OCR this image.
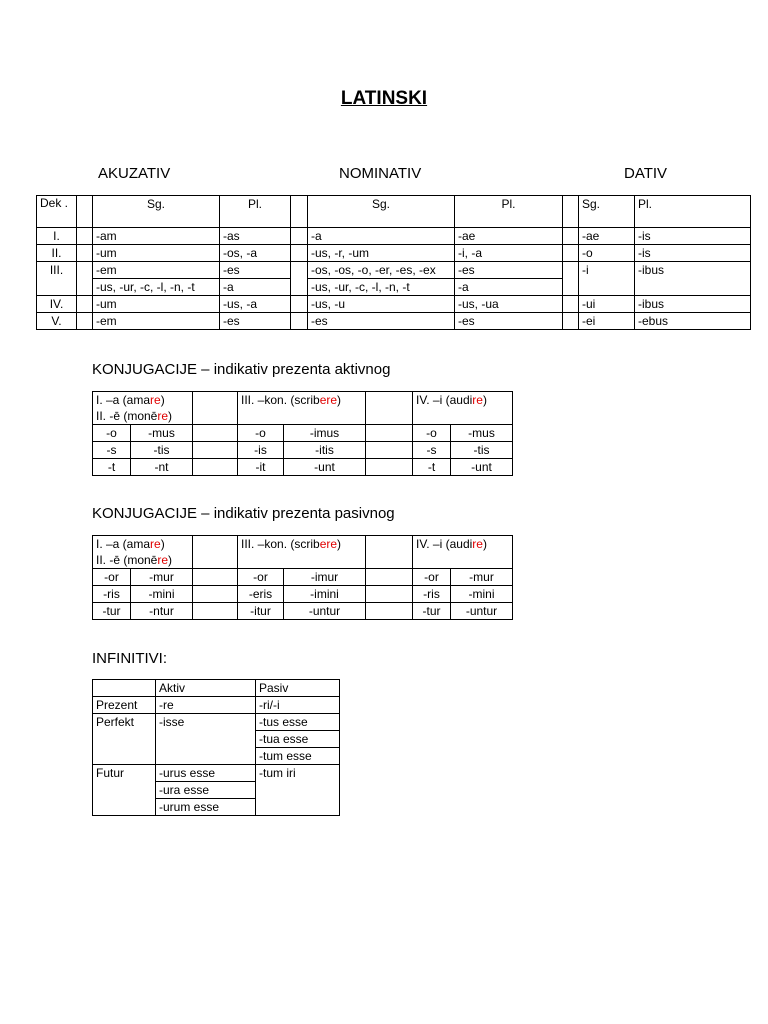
LATINSKI
AKUZATIV	NOMINATIV	DATIV
Dek .		Sg.	Pl.		Sg.	Pl.		Sg.	Pl.
I.		-am	-as		-a	-ae		-ae	-is
II.		-um	-os, -a		-us, -r, -um	-i, -a		-o	-is
III.		-em	-es		-os, -os, -o, -er, -es, -ex	-es		-i	-ibus
		-us, -ur, -c, -l, -n, -t	-a		-us, -ur, -c, -l, -n, -t	-a			
IV.		-um	-us, -a		-us, -u	-us, -ua		-ui	-ibus
V.		-em	-es		-es	-es		-ei	-ebus
KONJUGACIJE – indikativ prezenta aktivnog
I. –a (amare)
II. -ē (monēre)			III. –kon. (scribere)			IV. –i (audire)	
-o	-mus		-o	-imus		-o	-mus
-s	-tis		-is	-itis		-s	-tis
-t	-nt		-it	-unt		-t	-unt
KONJUGACIJE – indikativ prezenta pasivnog
I. –a (amare)
II. -ē (monēre)			III. –kon. (scribere)			IV. –i (audire)	
-or	-mur		-or	-imur		-or	-mur
-ris	-mini		-eris	-imini		-ris	-mini
-tur	-ntur		-itur	-untur		-tur	-untur
INFINITIVI:
	Aktiv	Pasiv
Prezent	-re	-ri/-i
Perfekt	-isse	-tus esse
		-tua esse
		-tum esse
Futur	-urus esse	-tum iri
	-ura esse	
	-urum esse	
